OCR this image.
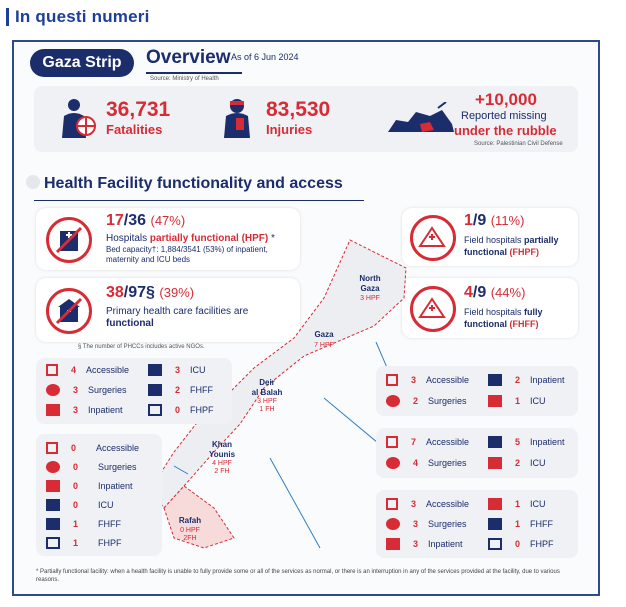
In questi numeri
Gaza Strip	Overview As of 6 Jun 2024
Source: Ministry of Health
36,731
Fatalities
83,530
Injuries
+10,000
Reported missing
under the rubble
Source: Palestinian Civil Defense
Health Facility functionality and access
17/36 (47%)
Hospitals partially functional (HPF) *
Bed capacity†: 1,884/3541 (53%) of inpatient,
maternity and ICU beds
38/97§ (39%)
Primary health care facilities are
functional
§ The number of PHCCs includes active NGOs.
1/9 (11%)
Field hospitals partially
functional (FHPF)
4/9 (44%)
Field hospitals fully
functional (FHFF)
North
Gaza
3 HPF
Gaza
7 HPF
Deir
al Balah
3 HPF
1 FH
Khan
Younis
4 HPF
2 FH
Rafah
0 HPF
2FH
4 Accessible	3 ICU
3 Surgeries	2 FHFF
3 Inpatient	0 FHPF
0 Accessible
0 Surgeries
0 Inpatient
0 ICU
1 FHFF
1 FHPF
3 Accessible	2 Inpatient
2 Surgeries	1 ICU
7 Accessible	5 Inpatient
4 Surgeries	2 ICU
3 Accessible	1 ICU
3 Surgeries	1 FHFF
3 Inpatient	0 FHPF
* Partially functional facility: when a health facility is unable to fully provide some or all of the services as normal, or there is an interruption in any of the services provided at the facility, due to various reasons.
